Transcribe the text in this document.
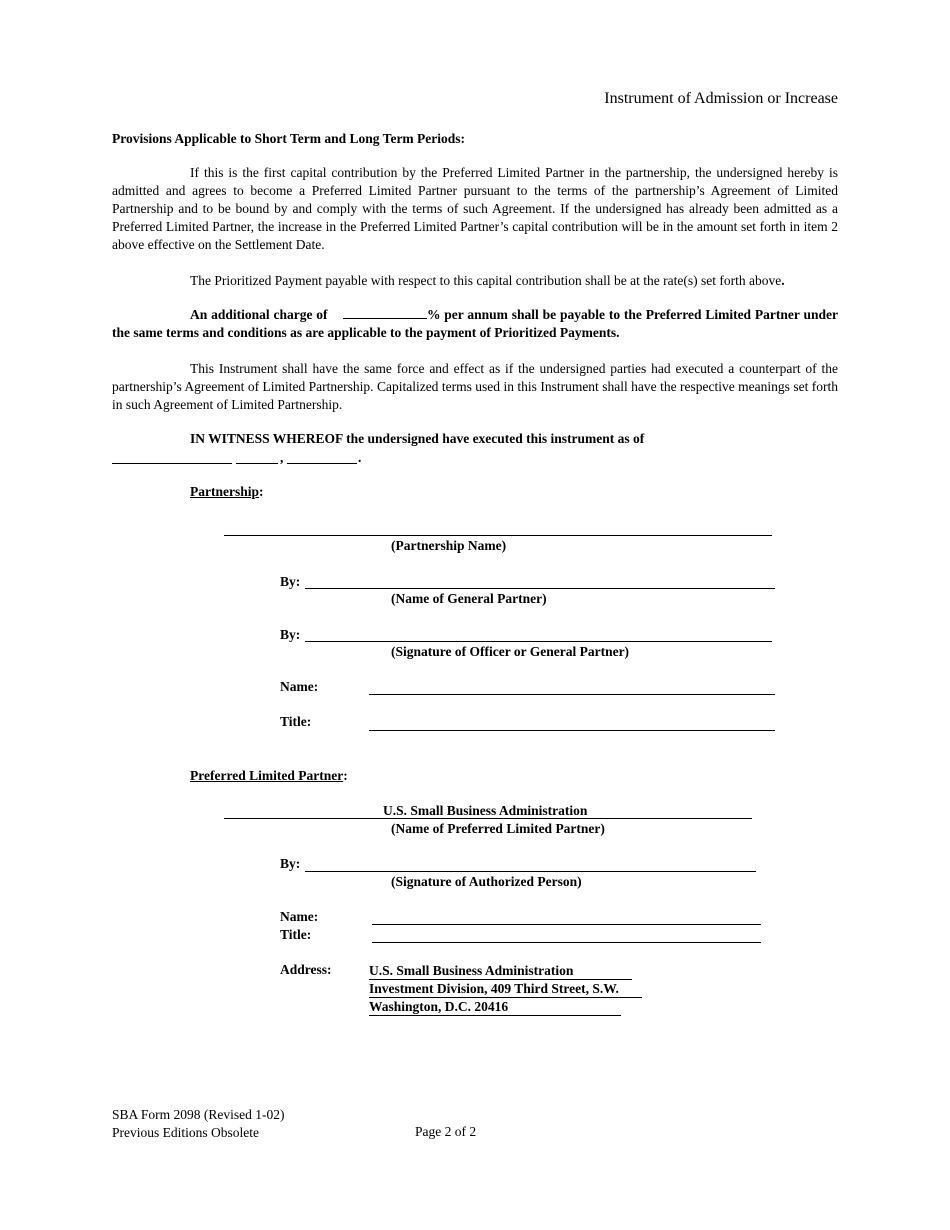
Instrument of Admission or Increase
Provisions Applicable to Short Term and Long Term Periods:

If this is the first capital contribution by the Preferred Limited Partner in the partnership, the undersigned hereby is admitted and agrees to become a Preferred Limited Partner pursuant to the terms of the partnership’s Agreement of Limited Partnership and to be bound by and comply with the terms of such Agreement. If the undersigned has already been admitted as a Preferred Limited Partner, the increase in the Preferred Limited Partner’s capital contribution will be in the amount set forth in item 2 above effective on the Settlement Date.

The Prioritized Payment payable with respect to this capital contribution shall be at the rate(s) set forth above.

An additional charge of	% per annum shall be payable to the Preferred Limited Partner under the same terms and conditions as are applicable to the payment of Prioritized Payments.

This Instrument shall have the same force and effect as if the undersigned parties had executed a counterpart of the partnership’s Agreement of Limited Partnership. Capitalized terms used in this Instrument shall have the respective meanings set forth in such Agreement of Limited Partnership.

IN WITNESS WHEREOF the undersigned have executed this instrument as of
,	.
Partnership:
(Partnership Name)
By:
(Name of General Partner)
By:
(Signature of Officer or General Partner)
Name:
Title:
Preferred Limited Partner:
U.S. Small Business Administration
(Name of Preferred Limited Partner)
By:
(Signature of Authorized Person)
Name:
Title:
Address:	U.S. Small Business Administration
Investment Division, 409 Third Street, S.W.
Washington, D.C. 20416
SBA Form 2098 (Revised 1-02)
Previous Editions Obsolete	Page 2 of 2
